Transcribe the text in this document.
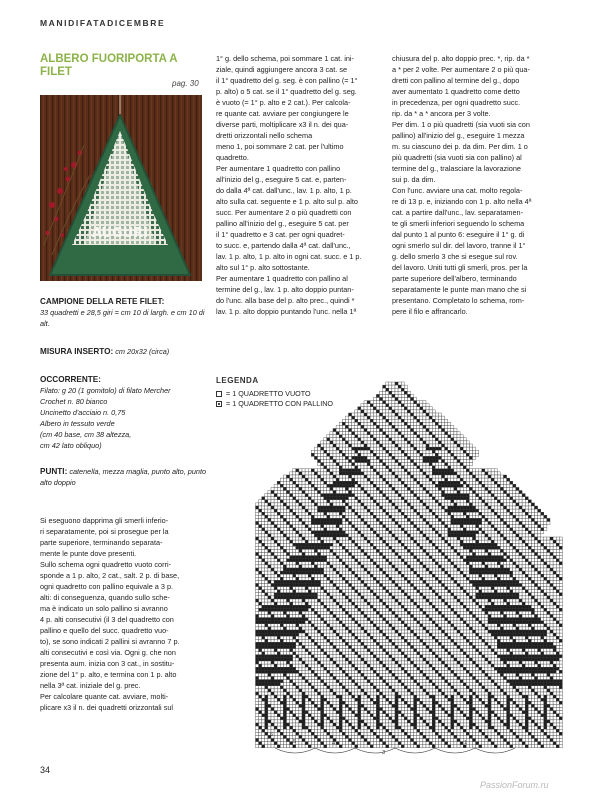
MANIDIFATADICEMBRE
ALBERO FUORIPORTA A FILET
pag. 30
AUGURI
CAMPIONE DELLA RETE FILET:
33 quadretti e 28,5 giri = cm 10 di largh. e cm 10 di alt.
MISURA INSERTO: cm 20x32 (circa)
OCCORRENTE:
Filato: g 20 (1 gomitolo) di filato Mercher
Crochet n. 80 bianco
Uncinetto d'acciaio n. 0,75
Albero in tessuto verde
(cm 40 base, cm 38 altezza,
cm 42 lato obliquo)
PUNTI: catenella, mezza maglia, punto alto, punto alto doppio

Si eseguono dapprima gli smerli inferio-

ri separatamente, poi si prosegue per la

parte superiore, terminando separata-

mente le punte dove presenti.

Sullo schema ogni quadretto vuoto corri-

sponde a 1 p. alto, 2 cat., salt. 2 p. di base,

ogni quadretto con pallino equivale a 3 p.

alti: di conseguenza, quando sullo sche-

ma è indicato un solo pallino si avranno

4 p. alti consecutivi (il 3 del quadretto con

pallino e quello del succ. quadretto vuo-

to), se sono indicati 2 pallini si avranno 7 p.

alti consecutivi e così via. Ogni g. che non

presenta aum. inizia con 3 cat., in sostitu-

zione del 1° p. alto, e termina con 1 p. alto

nella 3ª cat. iniziale del g. prec.

Per calcolare quante cat. avviare, molti-

plicare x3 il n. dei quadretti orizzontali sul

1° g. dello schema, poi sommare 1 cat. ini-

ziale, quindi aggiungere ancora 3 cat. se

il 1° quadretto del g. seg. è con pallino (= 1°

p. alto) o 5 cat. se il 1° quadretto del g. seg.

è vuoto (= 1° p. alto e 2 cat.). Per calcola-

re quante cat. avviare per congiungere le

diverse parti, moltiplicare x3 il n. dei qua-

dretti orizzontali nello schema

meno 1, poi sommare 2 cat. per l'ultimo

quadretto.

Per aumentare 1 quadretto con pallino

all'inizio del g., eseguire 5 cat. e, parten-

do dalla 4ª cat. dall'unc., lav. 1 p. alto, 1 p.

alto sulla cat. seguente e 1 p. alto sul p. alto

succ. Per aumentare 2 o più quadretti con

pallino all'inizio del g., eseguire 5 cat. per

il 1° quadretto e 3 cat. per ogni quadret-

to succ. e, partendo dalla 4ª cat. dall'unc.,

lav. 1 p. alto, 1 p. alto in ogni cat. succ. e 1 p.

alto sul 1° p. alto sottostante.

Per aumentare 1 quadretto con pallino al

termine del g., lav. 1 p. alto doppio puntan-

do l'unc. alla base del p. alto prec., quindi *

lav. 1 p. alto doppio puntando l'unc. nella 1ª

chiusura del p. alto doppio prec. *, rip. da *

a * per 2 volte. Per aumentare 2 o più qua-

dretti con pallino al termine del g., dopo

aver aumentato 1 quadretto come detto

in precedenza, per ogni quadretto succ.

rip. da * a * ancora per 3 volte.

Per dim. 1 o più quadretti (sia vuoti sia con

pallino) all'inizio del g., eseguire 1 mezza

m. su ciascuno dei p. da dim. Per dim. 1 o

più quadretti (sia vuoti sia con pallino) al

termine del g., tralasciare la lavorazione

sui p. da dim.

Con l'unc. avviare una cat. molto regola-

re di 13 p. e, iniziando con 1 p. alto nella 4ª

cat. a partire dall'unc., lav. separatamen-

te gli smerli inferiori seguendo lo schema

dal punto 1 al punto 6: eseguire il 1° g. di

ogni smerlo sul dir. del lavoro, tranne il 1°

g. dello smerlo 3 che si esegue sul rov.

del lavoro. Uniti tutti gli smerli, pros. per la

parte superiore dell'albero, terminando

separatamente le punte man mano che si

presentano. Completato lo schema, rom-

pere il filo e affrancarlo.

LEGENDA
= 1 QUADRETTO VUOTO
= 1 QUADRETTO CON PALLINO
6
5	4
3
2
1
34
PassionForum.ru
